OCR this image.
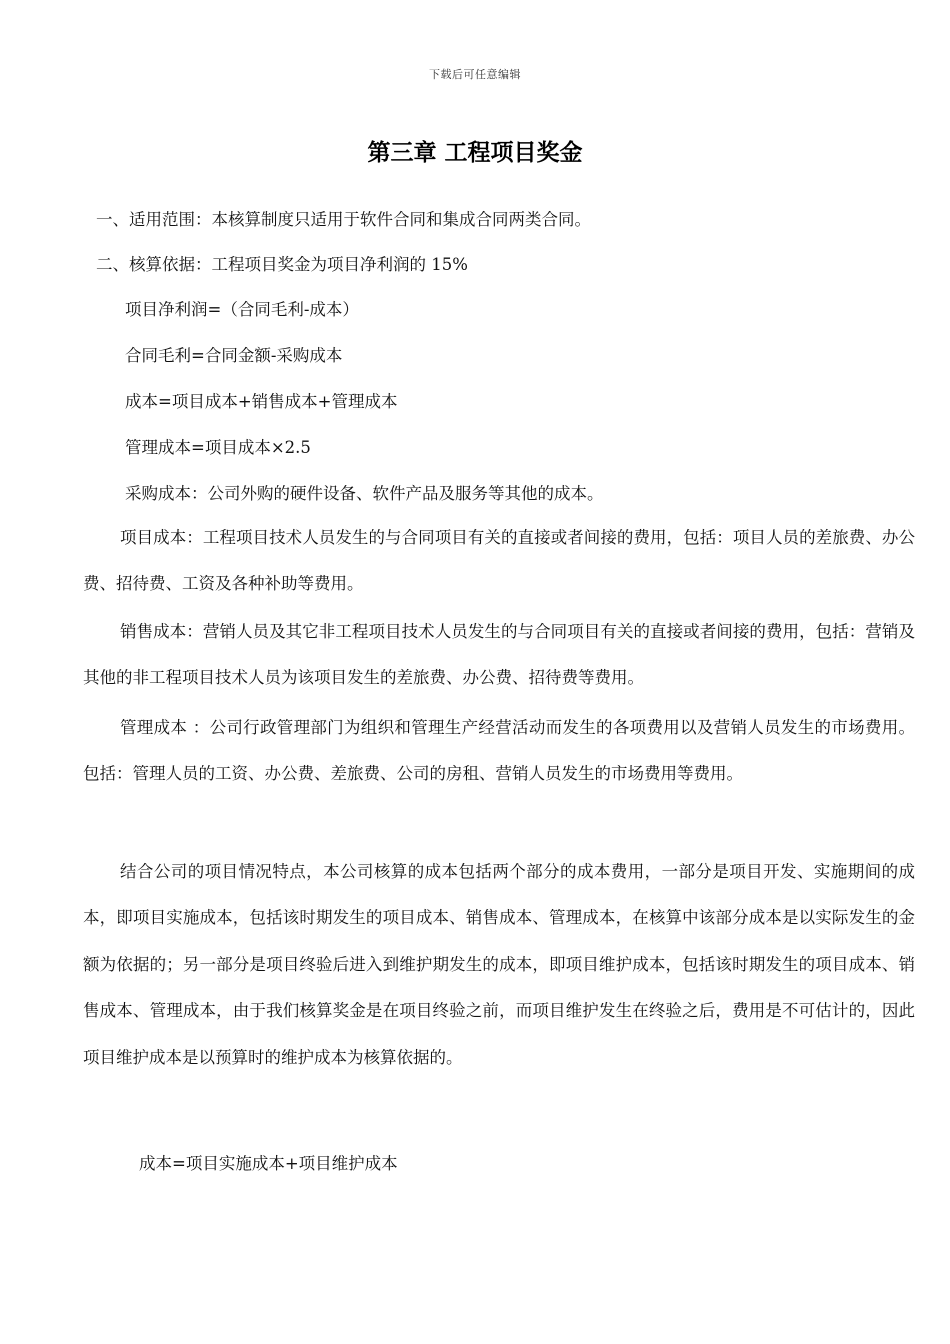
下载后可任意编辑
第三章 工程项目奖金
一、适用范围：本核算制度只适用于软件合同和集成合同两类合同。
二、核算依据：工程项目奖金为项目净利润的 15%
项目净利润=（合同毛利-成本）
合同毛利=合同金额-采购成本
成本=项目成本+销售成本+管理成本
管理成本=项目成本×2.5
采购成本：公司外购的硬件设备、软件产品及服务等其他的成本。
项目成本：工程项目技术人员发生的与合同项目有关的直接或者间接的费用，包括：项目人员的差旅费、办公费、招待费、工资及各种补助等费用。
销售成本：营销人员及其它非工程项目技术人员发生的与合同项目有关的直接或者间接的费用，包括：营销及其他的非工程项目技术人员为该项目发生的差旅费、办公费、招待费等费用。
管理成本 ：公司行政管理部门为组织和管理生产经营活动而发生的各项费用以及营销人员发生的市场费用。包括：管理人员的工资、办公费、差旅费、公司的房租、营销人员发生的市场费用等费用。
结合公司的项目情况特点，本公司核算的成本包括两个部分的成本费用，一部分是项目开发、实施期间的成本，即项目实施成本，包括该时期发生的项目成本、销售成本、管理成本，在核算中该部分成本是以实际发生的金额为依据的；另一部分是项目终验后进入到维护期发生的成本，即项目维护成本，包括该时期发生的项目成本、销售成本、管理成本，由于我们核算奖金是在项目终验之前，而项目维护发生在终验之后，费用是不可估计的，因此项目维护成本是以预算时的维护成本为核算依据的。
成本=项目实施成本+项目维护成本
